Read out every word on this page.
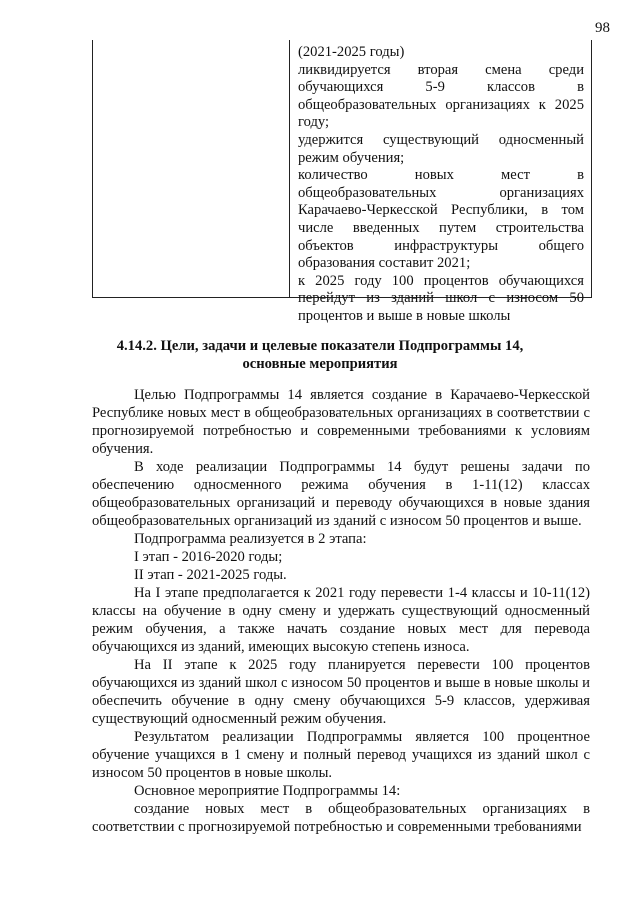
98

(2021-2025 годы)

ликвидируется вторая смена среди обучающихся 5-9 классов в общеобразовательных организациях к 2025 году;

удержится существующий односменный режим обучения;

количество новых мест в общеобразовательных организациях Карачаево-Черкесской Республики, в том числе введенных путем строительства объектов инфраструктуры общего образования составит 2021;

к 2025 году 100 процентов обучающихся перейдут из зданий школ с износом 50 процентов и выше в новые школы

4.14.2. Цели, задачи и целевые показатели Подпрограммы 14,
основные мероприятия

Целью Подпрограммы 14 является создание в Карачаево-Черкесской Республике новых мест в общеобразовательных организациях в соответствии с прогнозируемой потребностью и современными требованиями к условиям обучения.

В ходе реализации Подпрограммы 14 будут решены задачи по обеспечению односменного режима обучения в 1-11(12) классах общеобразовательных организаций и переводу обучающихся в новые здания общеобразовательных организаций из зданий с износом 50 процентов и выше.

Подпрограмма реализуется в 2 этапа:

I этап - 2016-2020 годы;

II этап - 2021-2025 годы.

На I этапе предполагается к 2021 году перевести 1-4 классы и 10-11(12) классы на обучение в одну смену и удержать существующий односменный режим обучения, а также начать создание новых мест для перевода обучающихся из зданий, имеющих высокую степень износа.

На II этапе к 2025 году планируется перевести 100 процентов обучающихся из зданий школ с износом 50 процентов и выше в новые школы и обеспечить обучение в одну смену обучающихся 5-9 классов, удерживая существующий односменный режим обучения.

Результатом реализации Подпрограммы является 100 процентное обучение учащихся в 1 смену и полный перевод учащихся из зданий школ с износом 50 процентов в новые школы.

Основное мероприятие Подпрограммы 14:

создание новых мест в общеобразовательных организациях в соответствии с прогнозируемой потребностью и современными требованиями
